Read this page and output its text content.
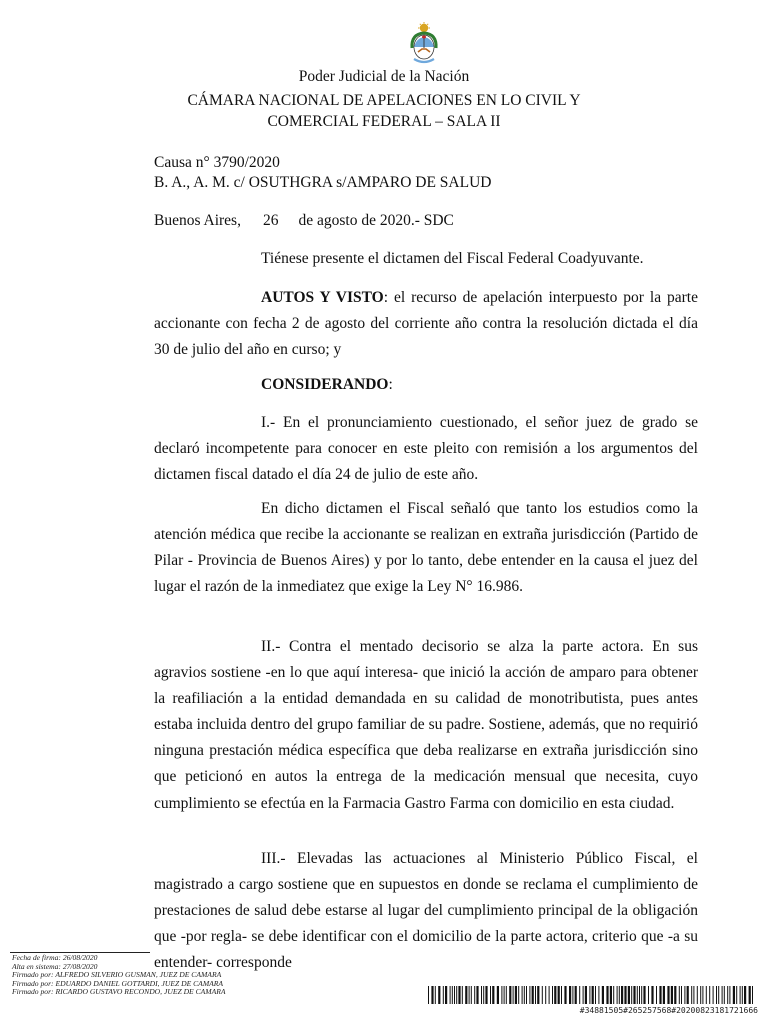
Poder Judicial de la Nación
CÁMARA NACIONAL DE APELACIONES EN LO CIVIL Y
COMERCIAL FEDERAL – SALA II
Causa n° 3790/2020
B. A., A. M. c/ OSUTHGRA s/AMPARO DE SALUD
Buenos Aires, 26 de agosto de 2020.- SDC

Tiénese presente el dictamen del Fiscal Federal Coadyuvante.

AUTOS Y VISTO: el recurso de apelación interpuesto por la parte accionante con fecha 2 de agosto del corriente año contra la resolución dictada el día 30 de julio del año en curso; y

CONSIDERANDO:

I.- En el pronunciamiento cuestionado, el señor juez de grado se declaró incompetente para conocer en este pleito con remisión a los argumentos del dictamen fiscal datado el día 24 de julio de este año.

En dicho dictamen el Fiscal señaló que tanto los estudios como la atención médica que recibe la accionante se realizan en extraña jurisdicción (Partido de Pilar - Provincia de Buenos Aires) y por lo tanto, debe entender en la causa el juez del lugar el razón de la inmediatez que exige la Ley N° 16.986.

II.- Contra el mentado decisorio se alza la parte actora. En sus agravios sostiene -en lo que aquí interesa- que inició la acción de amparo para obtener la reafiliación a la entidad demandada en su calidad de monotributista, pues antes estaba incluida dentro del grupo familiar de su padre. Sostiene, además, que no requirió ninguna prestación médica específica que deba realizarse en extraña jurisdicción sino que peticionó en autos la entrega de la medicación mensual que necesita, cuyo cumplimiento se efectúa en la Farmacia Gastro Farma con domicilio en esta ciudad.

III.- Elevadas las actuaciones al Ministerio Público Fiscal, el magistrado a cargo sostiene que en supuestos en donde se reclama el cumplimiento de prestaciones de salud debe estarse al lugar del cumplimiento principal de la obligación que -por regla- se debe identificar con el domicilio de la parte actora, criterio que -a su entender- corresponde

Fecha de firma: 26/08/2020
Alta en sistema: 27/08/2020
Firmado por: ALFREDO SILVERIO GUSMAN, JUEZ DE CAMARA
Firmado por: EDUARDO DANIEL GOTTARDI, JUEZ DE CAMARA
Firmado por: RICARDO GUSTAVO RECONDO, JUEZ DE CAMARA
#34881505#265257568#20200823181721666
